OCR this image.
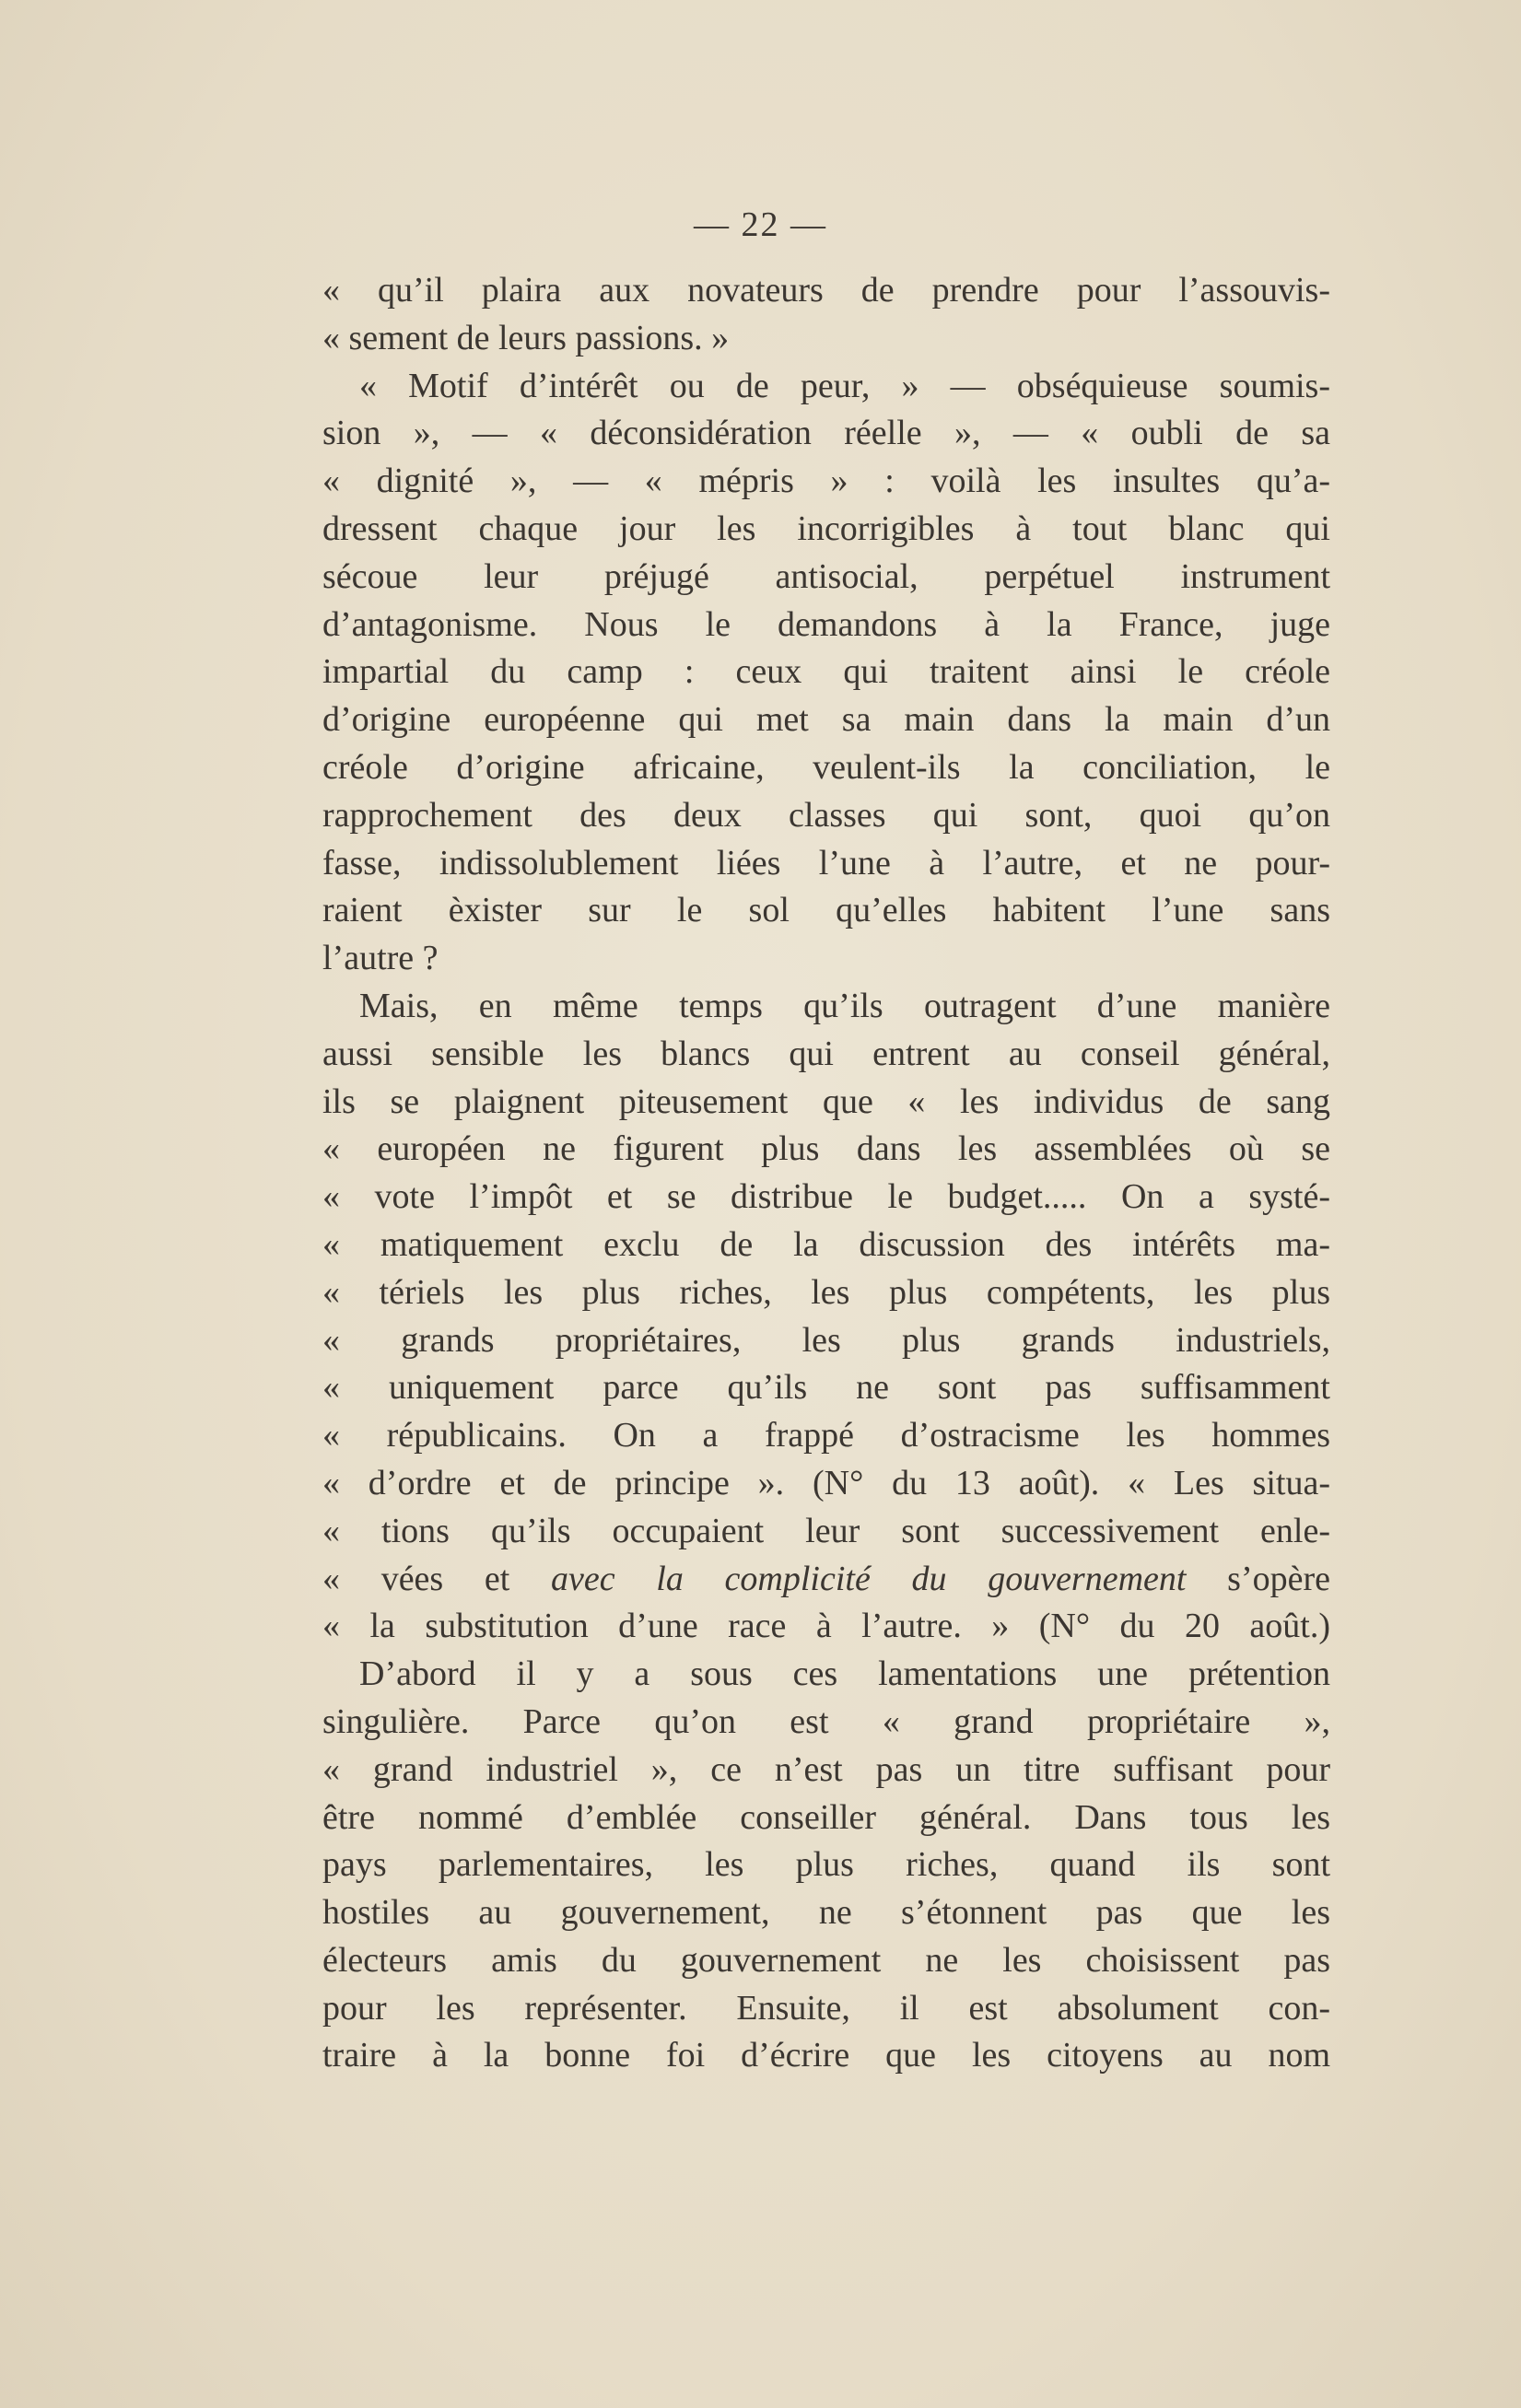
— 22 —
« qu’il plaira aux novateurs de prendre pour l’assouvis-
« sement de leurs passions. »
« Motif d’intérêt ou de peur, » — obséquieuse soumis-
sion », — « déconsidération réelle », — « oubli de sa
« dignité », — « mépris » : voilà les insultes qu’a-
dressent chaque jour les incorrigibles à tout blanc qui
sécoue leur préjugé antisocial, perpétuel instrument
d’antagonisme. Nous le demandons à la France, juge
impartial du camp : ceux qui traitent ainsi le créole
d’origine européenne qui met sa main dans la main d’un
créole d’origine africaine, veulent-ils la conciliation, le
rapprochement des deux classes qui sont, quoi qu’on
fasse, indissolublement liées l’une à l’autre, et ne pour-
raient èxister sur le sol qu’elles habitent l’une sans
l’autre ?
Mais, en même temps qu’ils outragent d’une manière
aussi sensible les blancs qui entrent au conseil général,
ils se plaignent piteusement que « les individus de sang
« européen ne figurent plus dans les assemblées où se
« vote l’impôt et se distribue le budget..... On a systé-
« matiquement exclu de la discussion des intérêts ma-
« tériels les plus riches, les plus compétents, les plus
« grands propriétaires, les plus grands industriels,
« uniquement parce qu’ils ne sont pas suffisamment
« républicains. On a frappé d’ostracisme les hommes
« d’ordre et de principe ». (N° du 13 août). « Les situa-
« tions qu’ils occupaient leur sont successivement enle-
« vées et avec la complicité du gouvernement s’opère
« la substitution d’une race à l’autre. » (N° du 20 août.)
D’abord il y a sous ces lamentations une prétention
singulière. Parce qu’on est « grand propriétaire »,
« grand industriel », ce n’est pas un titre suffisant pour
être nommé d’emblée conseiller général. Dans tous les
pays parlementaires, les plus riches, quand ils sont
hostiles au gouvernement, ne s’étonnent pas que les
électeurs amis du gouvernement ne les choisissent pas
pour les représenter. Ensuite, il est absolument con-
traire à la bonne foi d’écrire que les citoyens au nom
